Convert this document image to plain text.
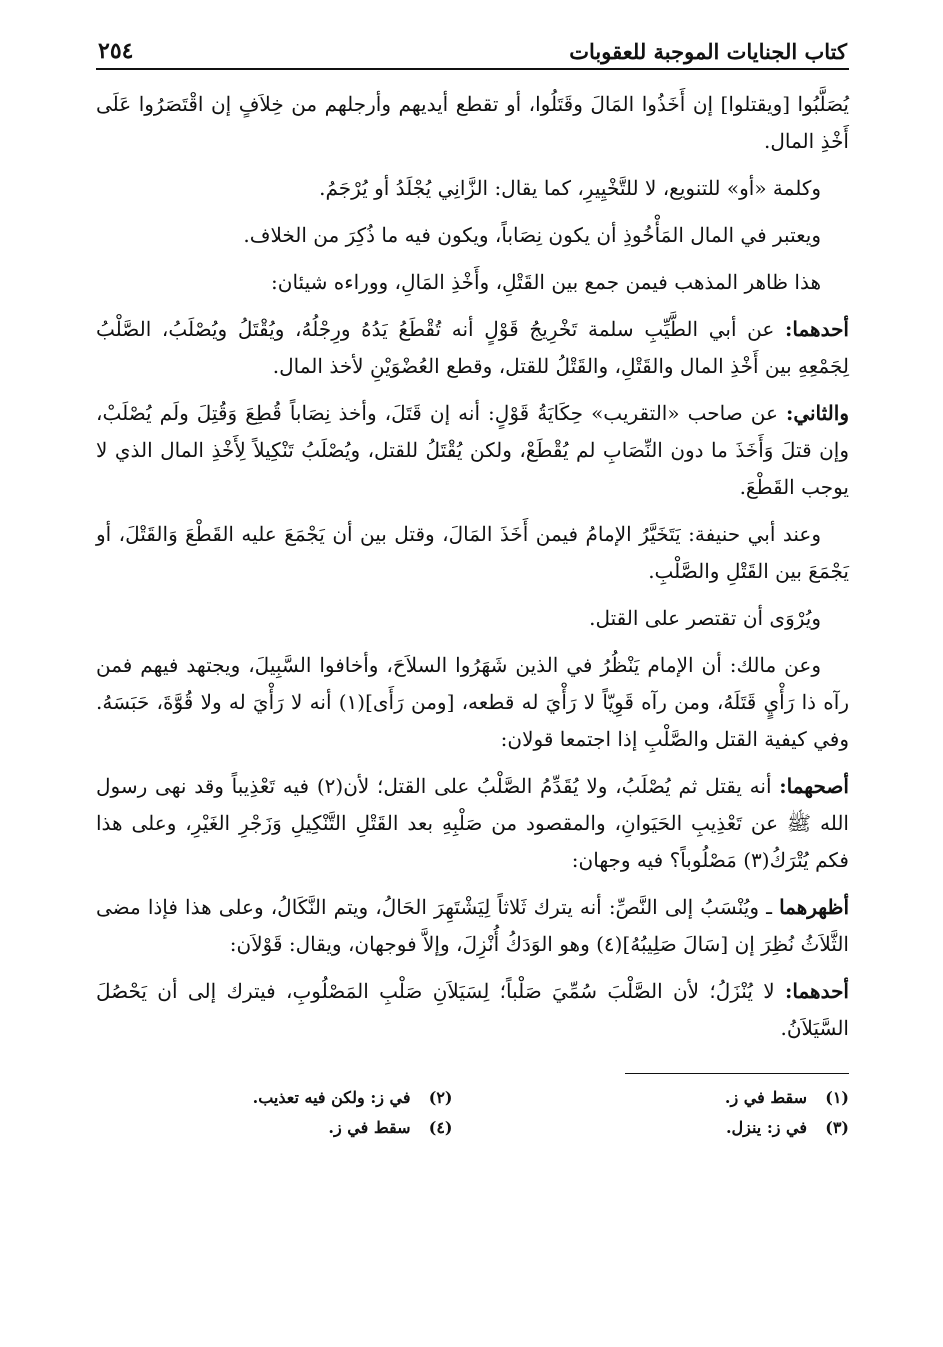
كتاب الجنايات الموجبة للعقوبات
٢٥٤

يُصَلَّبُوا [ويقتلوا] إن أَخَذُوا المَالَ وقَتَلُوا، أو تقطع أيديهم وأرجلهم من خِلاَفٍ إن اقْتَصَرُوا عَلَى أَخْذِ المال.

وكلمة «أو» للتنويع، لا للتَّخْيِيرِ، كما يقال: الزَّانِي يُجْلَدُ أو يُرْجَمُ.

ويعتبر في المال المَأْخُوذِ أن يكون نِصَاباً، ويكون فيه ما ذُكِرَ من الخلاف.

هذا ظاهر المذهب فيمن جمع بين القَتْلِ، وأَخْذِ المَالِ، ووراءه شيئان:

أحدهما: عن أبي الطَّيِّبِ سلمة تَخْرِيجُ قَوْلٍ أنه تُقْطَعُ يَدُهُ ورِجْلُهُ، ويُقْتَلُ ويُصْلَبُ، الصَّلْبُ لِجَمْعِهِ بين أَخْذِ المال والقَتْلِ، والقَتْلُ للقتل، وقطع العُضْوَيْنِ لأخذ المال.

والثاني: عن صاحب «التقريب» حِكَايَةُ قَوْلٍ: أنه إن قَتَلَ، وأخذ نِصَاباً قُطِعَ وَقُتِلَ ولَم يُصْلَبْ، وإن قتلَ وَأَخَذَ ما دون النِّصَابِ لم يُقْطَعْ، ولكن يُقْتَلُ للقتل، ويُصْلَبُ تَنْكِيلاً لِأَخْذِ المال الذي لا يوجب القَطْعَ.

وعند أبي حنيفة: يَتَخَيَّرُ الإمامُ فيمن أَخَذَ المَالَ، وقتل بين أن يَجْمَعَ عليه القَطْعَ وَالقَتْلَ، أو يَجْمَعَ بين القَتْلِ والصَّلْبِ.

ويُرْوَى أن تقتصر على القتل.

وعن مالك: أن الإمام يَنْظُرُ في الذين شَهَرُوا السلاَحَ، وأخافوا السَّبِيلَ، ويجتهد فيهم فمن رآه ذا رَأْيٍ قَتَلَهُ، ومن رآه قَوِيّاً لا رَأْيَ له قطعه، [ومن رَأَى](١) أنه لا رَأْيَ له ولا قُوَّةَ، حَبَسَهُ. وفي كيفية القتل والصَّلْبِ إذا اجتمعا قولان:

أصحهما: أنه يقتل ثم يُصْلَبُ، ولا يُقَدِّمُ الصَّلْبُ على القتل؛ لأن(٢) فيه تَعْذِيباً وقد نهى رسول الله ﷺ عن تَعْذِيبِ الحَيَوانِ، والمقصود من صَلْبِهِ بعد القَتْلِ التَّنْكِيلِ وَزَجْرِ الغَيْرِ، وعلى هذا فكم يُتْرَكُ(٣) مَصْلُوباً؟ فيه وجهان:

أظهرهما ـ ويُنْسَبُ إلى النَّصِّ: أنه يترك ثَلاثاً لِيَشْتَهِرَ الحَالُ، ويتم النَّكَالُ، وعلى هذا فإذا مضى الثَّلاَثُ نُظِرَ إن [سَالَ صَلِيبُهُ](٤) وهو الوَدَكُ أُنْزِلَ، وإلاَّ فوجهان، ويقال: قَوْلاَن:

أحدهما: لا يُنْزَلُ؛ لأن الصَّلْبَ سُمِّيَ صَلْباً؛ لِسَيَلاَنِ صَلْبِ المَصْلُوبِ، فيترك إلى أن يَحْصُلَ السَّيَلاَنُ.

(١)سقط في ز.
(٢)في ز: ولكن فيه تعذيب.
(٣)في ز: ينزل.
(٤)سقط في ز.
